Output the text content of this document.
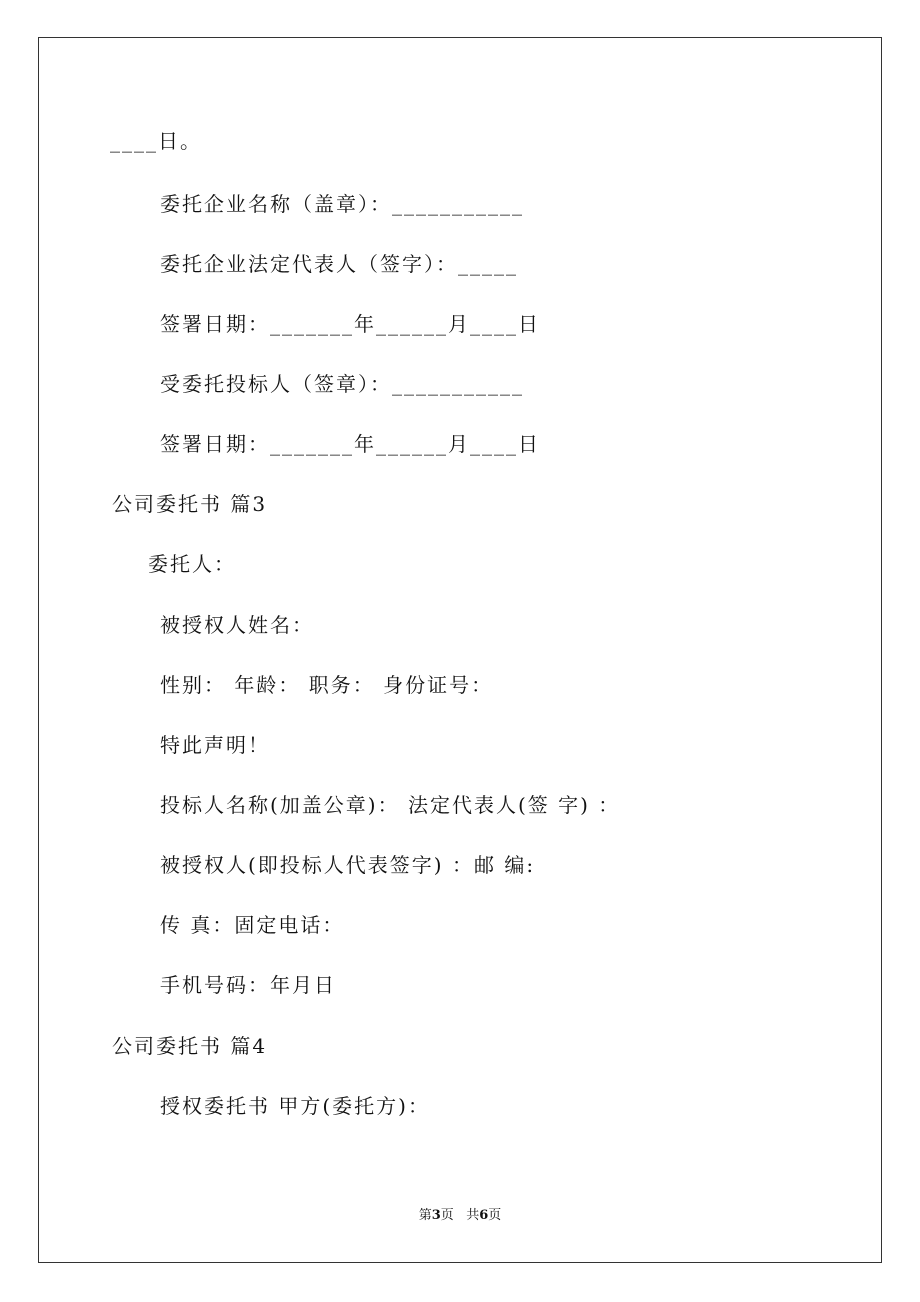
____日。
委托企业名称（盖章）：___________
委托企业法定代表人（签字）：_____
签署日期：_______年______月____日
受委托投标人（签章）：___________
签署日期：_______年______月____日
公司委托书 篇3
委托人：
被授权人姓名：
性别： 年龄： 职务： 身份证号：
特此声明！
投标人名称(加盖公章)： 法定代表人(签 字) ：
被授权人(即投标人代表签字) ：邮 编:
传 真：固定电话：
手机号码：年月日
公司委托书 篇4
授权委托书 甲方(委托方)：
第3页 共6页
